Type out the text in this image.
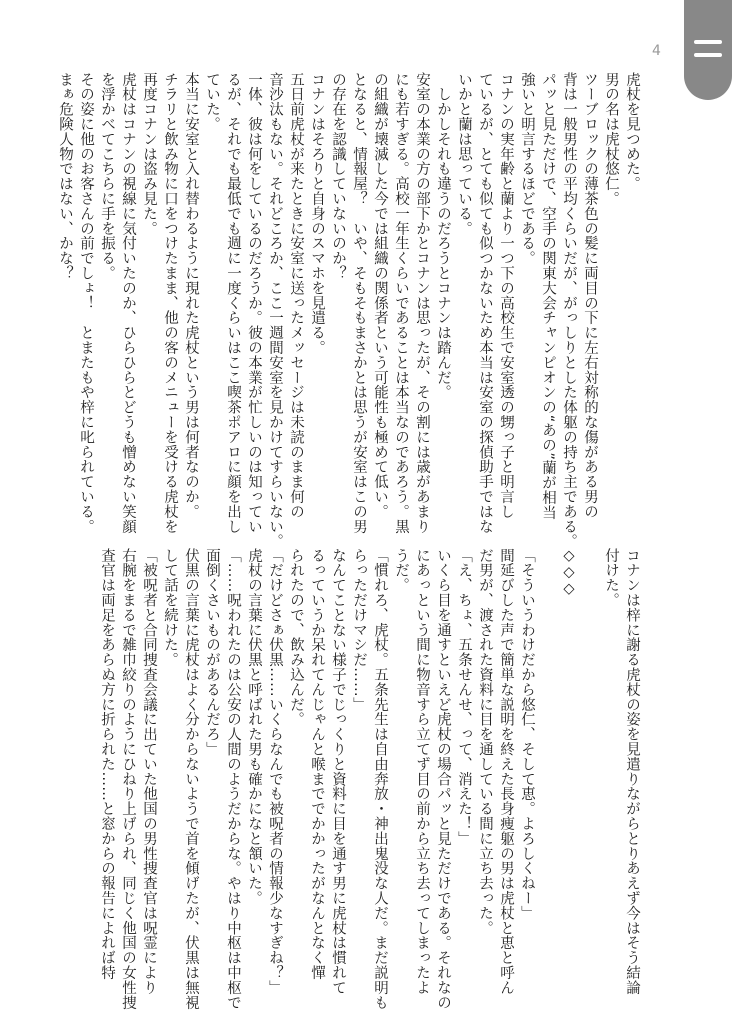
4
虎杖を見つめた。
男の名は虎杖悠仁。
ツーブロックの薄茶色の髪に両目の下に左右対称的な傷がある男の
背は一般男性の平均くらいだが、がっしりとした体躯の持ち主である。
パッと見ただけで、空手の関東大会チャンピオンの“あの”蘭が相当
強いと明言するほどである。
コナンの実年齢と蘭より一つ下の高校生で安室透の甥っ子と明言し
ているが、とても似ても似つかないため本当は安室の探偵助手ではな
いかと蘭は思っている。
　しかしそれも違うのだろうとコナンは踏んだ。
安室の本業の方の部下かとコナンは思ったが、その割には歳があまり
にも若すぎる。高校一年生くらいであることは本当なのであろう。黒
の組織が壊滅した今では組織の関係者という可能性も極めて低い。
となると、情報屋？　いや、そもそもまさかとは思うが安室はこの男
の存在を認識していないのか？
コナンはそろりと自身のスマホを見遣る。
五日前虎杖が来たときに安室に送ったメッセージは未読のまま何の
音沙汰もない。それどころか、ここ一週間安室を見かけてすらいない。
一体、彼は何をしているのだろうか。彼の本業が忙しいのは知ってい
るが、それでも最低でも週に一度くらいはここ喫茶ポアロに顔を出し
ていた。
本当に安室と入れ替わるように現れた虎杖という男は何者なのか。
チラリと飲み物に口をつけたまま、他の客のメニューを受ける虎杖を
再度コナンは盗み見た。
虎杖はコナンの視線に気付いたのか、ひらひらとどうも憎めない笑顔
を浮かべてこちらに手を振る。
その姿に他のお客さんの前でしょ！　とまたもや梓に叱られている。
まぁ危険人物ではない、かな？
コナンは梓に謝る虎杖の姿を見遣りながらとりあえず今はそう結論
付けた。
◇◇◇
「そういうわけだから悠仁、そして恵。よろしくねー」
間延びした声で簡単な説明を終えた長身痩躯の男は虎杖と恵と呼ん
だ男が、渡された資料に目を通している間に立ち去った。
「え、ちょ、五条せんせ、って、消えた！」
いくら目を通すといえど虎杖の場合パッと見ただけである。それなの
にあっという間に物音すら立てず目の前から立ち去ってしまったよ
うだ。
「慣れろ、虎杖。五条先生は自由奔放・神出鬼没な人だ。まだ説明も
らっただけマシだ……」
なんてことない様子でじっくりと資料に目を通す男に虎杖は慣れて
るっていうか呆れてんじゃんと喉まででかかったがなんとなく憚
られたので、飲み込んだ。
「だけどさぁ伏黒……いくらなんでも被呪者の情報少なすぎね？」
虎杖の言葉に伏黒と呼ばれた男も確かになと頷いた。
「……呪われたのは公安の人間のようだからな。やはり中枢は中枢で
面倒くさいものがあるんだろ」
伏黒の言葉に虎杖はよく分からないようで首を傾げたが、伏黒は無視
して話を続けた。
「被呪者と合同捜査会議に出ていた他国の男性捜査官は呪霊により
右腕をまるで雑巾絞りのようにひねり上げられ、同じく他国の女性捜
査官は両足をあらぬ方に折られた……と窓からの報告によれば特
